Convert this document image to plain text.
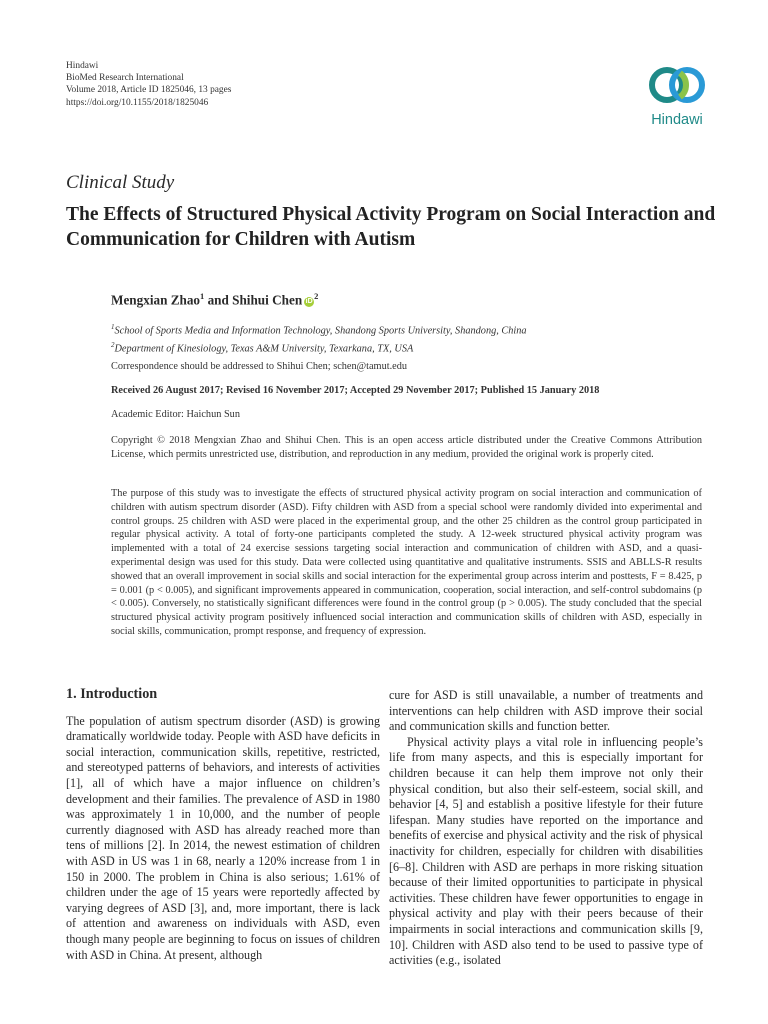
Hindawi
BioMed Research International
Volume 2018, Article ID 1825046, 13 pages
https://doi.org/10.1155/2018/1825046
Hindawi
Clinical Study
The Effects of Structured Physical Activity Program on Social Interaction and Communication for Children with Autism
Mengxian Zhao$^1$ and Shihui Chen $iD^2$
$^1$School of Sports Media and Information Technology, Shandong Sports University, Shandong, China
$^2$Department of Kinesiology, Texas A&M University, Texarkana, TX, USA
Correspondence should be addressed to Shihui Chen; schen@tamut.edu
Received 26 August 2017; Revised 16 November 2017; Accepted 29 November 2017; Published 15 January 2018
Academic Editor: Haichun Sun
Copyright © 2018 Mengxian Zhao and Shihui Chen. This is an open access article distributed under the Creative Commons Attribution License, which permits unrestricted use, distribution, and reproduction in any medium, provided the original work is properly cited.
The purpose of this study was to investigate the effects of structured physical activity program on social interaction and communication of children with autism spectrum disorder (ASD). Fifty children with ASD from a special school were randomly divided into experimental and control groups. 25 children with ASD were placed in the experimental group, and the other 25 children as the control group participated in regular physical activity. A total of forty-one participants completed the study. A 12-week structured physical activity program was implemented with a total of 24 exercise sessions targeting social interaction and communication of children with ASD, and a quasi-experimental design was used for this study. Data were collected using quantitative and qualitative instruments. SSIS and ABLLS-R results showed that an overall improvement in social skills and social interaction for the experimental group across interim and posttests, F = 8.425, p = 0.001 (p < 0.005), and significant improvements appeared in communication, cooperation, social interaction, and self-control subdomains (p < 0.005). Conversely, no statistically significant differences were found in the control group (p > 0.005). The study concluded that the special structured physical activity program positively influenced social interaction and communication skills of children with ASD, especially in social skills, communication, prompt response, and frequency of expression.
1. Introduction

The population of autism spectrum disorder (ASD) is growing dramatically worldwide today. People with ASD have deficits in social interaction, communication skills, repetitive, restricted, and stereotyped patterns of behaviors, and interests of activities [1], all of which have a major influence on children’s development and their families. The prevalence of ASD in 1980 was approximately 1 in 10,000, and the number of people currently diagnosed with ASD has already reached more than tens of millions [2]. In 2014, the newest estimation of children with ASD in US was 1 in 68, nearly a 120% increase from 1 in 150 in 2000. The problem in China is also serious; 1.61% of children under the age of 15 years were reportedly affected by varying degrees of ASD [3], and, more important, there is lack of attention and awareness on individuals with ASD, even though many people are beginning to focus on issues of children with ASD in China. At present, although

cure for ASD is still unavailable, a number of treatments and interventions can help children with ASD improve their social and communication skills and function better.

Physical activity plays a vital role in influencing people’s life from many aspects, and this is especially important for children because it can help them improve not only their physical condition, but also their self-esteem, social skill, and behavior [4, 5] and establish a positive lifestyle for their future lifespan. Many studies have reported on the importance and benefits of exercise and physical activity and the risk of physical inactivity for children, especially for children with disabilities [6–8]. Children with ASD are perhaps in more risking situation because of their limited opportunities to participate in physical activities. These children have fewer opportunities to engage in physical activity and play with their peers because of their impairments in social interactions and communication skills [9, 10]. Children with ASD also tend to be used to passive type of activities (e.g., isolated
